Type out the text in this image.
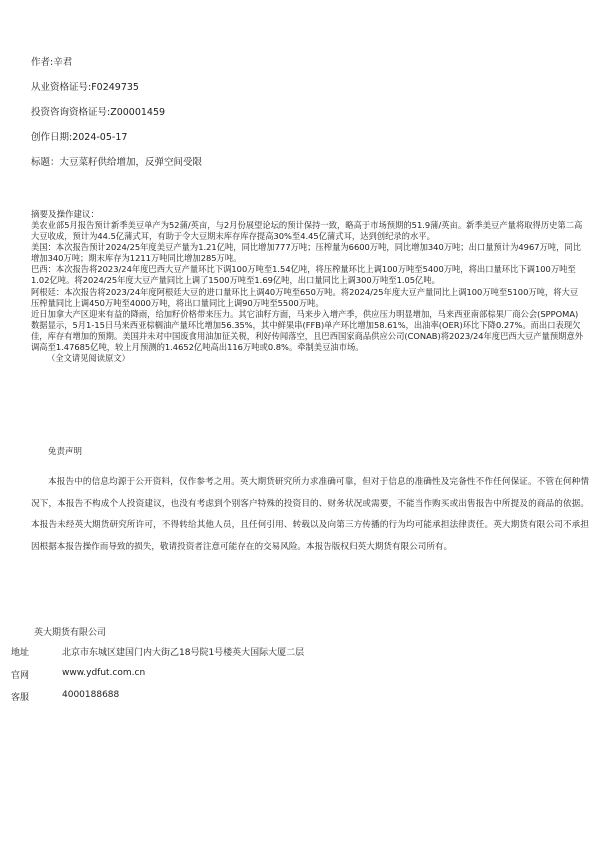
作者:辛君
从业资格证号:F0249735
投资咨询资格证号:Z00001459
创作日期:2024-05-17
标题：大豆菜籽供给增加，反弹空间受限
摘要及操作建议：

美农业部5月报告预计新季美豆单产为52蒲/英亩，与2月份展望论坛的预计保持一致，略高于市场预期的51.9蒲/英亩。新季美豆产量将取得历史第二高大豆收成，预计为44.5亿蒲式耳，有助于令大豆期末库存库存提高30%至4.45亿蒲式耳，达到创纪录的水平。

美国：本次报告预计2024/25年度美豆产量为1.21亿吨，同比增加777万吨；压榨量为6600万吨，同比增加340万吨；出口量预计为4967万吨，同比增加340万吨；期末库存为1211万吨同比增加285万吨。

巴西：本次报告将2023/24年度巴西大豆产量环比下调100万吨至1.54亿吨，将压榨量环比上调100万吨至5400万吨，将出口量环比下调100万吨至1.02亿吨。将2024/25年度大豆产量同比上调了1500万吨至1.69亿吨，出口量同比上调300万吨至1.05亿吨。

阿根廷：本次报告将2023/24年度阿根廷大豆的进口量环比上调40万吨至650万吨。将2024/25年度大豆产量同比上调100万吨至5100万吨，将大豆压榨量同比上调450万吨至4000万吨，将出口量同比上调90万吨至5500万吨。

近日加拿大产区迎来有益的降雨，给加籽价格带来压力。其它油籽方面，马来步入增产季，供应压力明显增加，马来西亚南部棕果厂商公会(SPPOMA)数据显示，5月1-15日马来西亚棕榈油产量环比增加56.35%，其中鲜果串(FFB)单产环比增加58.61%，出油率(OER)环比下降0.27%。而出口表现欠佳，库存有增加的预期。美国并未对中国废食用油加征关税，利好传闻落空，且巴西国家商品供应公司(CONAB)将2023/24年度巴西大豆产量预期意外调高至1.47685亿吨，较上月预测的1.4652亿吨高出116万吨或0.8%。牵制美豆油市场。

（全文请见阅读原文）

免责声明
本报告中的信息均源于公开资料，仅作参考之用。英大期货研究所力求准确可靠，但对于信息的准确性及完备性不作任何保证。不管在何种情况下，本报告不构成个人投资建议，也没有考虑到个别客户特殊的投资目的、财务状况或需要，不能当作购买或出售报告中所提及的商品的依据。本报告未经英大期货研究所许可，不得转给其他人员，且任何引用、转载以及向第三方传播的行为均可能承担法律责任。英大期货有限公司不承担因根据本报告操作而导致的损失，敬请投资者注意可能存在的交易风险。本报告版权归英大期货有限公司所有。
英大期货有限公司
地址	北京市东城区建国门内大街乙18号院1号楼英大国际大厦二层
官网	www.ydfut.com.cn
客服	4000188688
